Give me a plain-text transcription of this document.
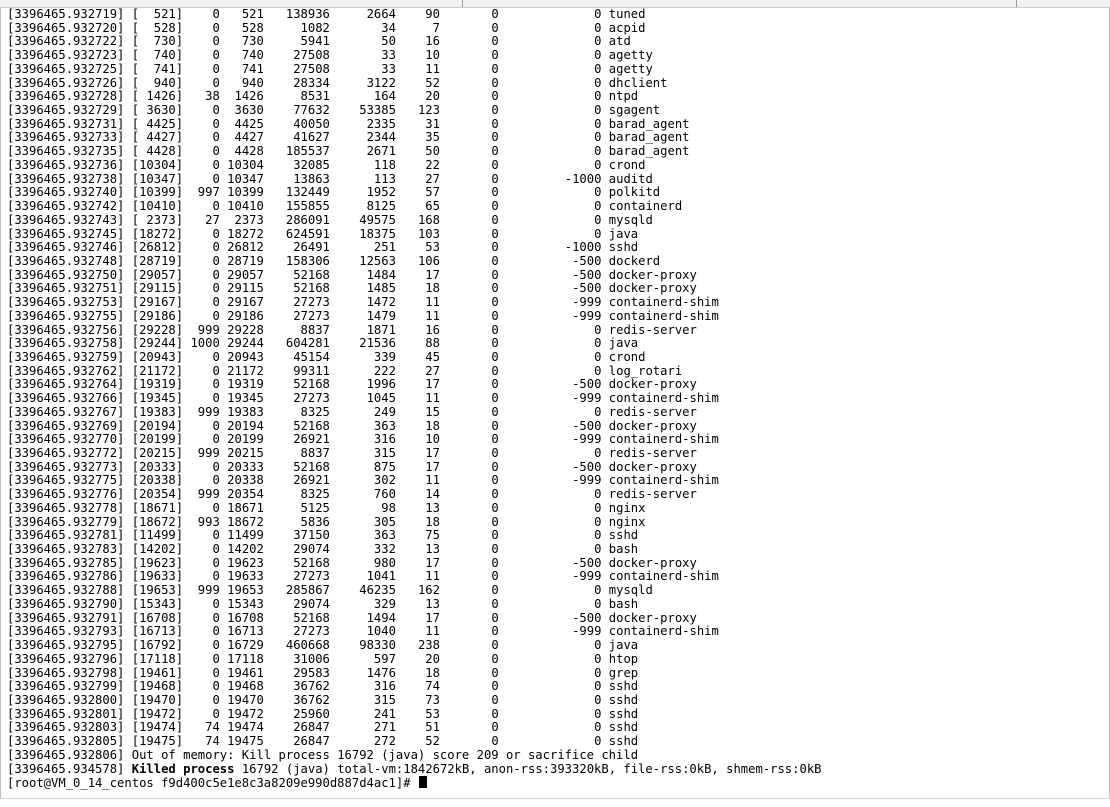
[3396465.932719] [  521]    0   521 138936     2664    90	0	0 tuned
[3396465.932720] [  528]    0   528     1082       34     7	0	0 acpid
[3396465.932722] [  730]    0   730     5941       50    16	0	0 atd
[3396465.932723] [  740]    0   740    27508       33    10	0	0 agetty
[3396465.932725] [  741]    0   741    27508       33    11	0	0 agetty
[3396465.932726] [  940]    0   940    28334     3122    52	0	0 dhclient
[3396465.932728] [ 1426]   38  1426     8531      164    20	0	0 ntpd
[3396465.932729] [ 3630]    0  3630    77632    53385 123	0	0 sgagent
[3396465.932731] [ 4425]    0  4425    40050     2335    31	0	0 barad_agent
[3396465.932733] [ 4427]    0  4427    41627     2344    35	0	0 barad_agent
[3396465.932735] [ 4428]    0  4428 185537     2671    50	0	0 barad_agent
[3396465.932736] [10304]    0 10304    32085      118    22	0	0 crond
[3396465.932738] [10347]    0 10347    13863      113    27	0	-1000 auditd
[3396465.932740] [10399]  997 10399 132449     1952    57	0	0 polkitd
[3396465.932742] [10410]    0 10410 155855     8125    65	0	0 containerd
[3396465.932743] [ 2373]   27  2373 286091    49575 168	0	0 mysqld
[3396465.932745] [18272]    0 18272 624591    18375 103	0	0 java
[3396465.932746] [26812]    0 26812    26491      251    53	0	-1000 sshd
[3396465.932748] [28719]    0 28719 158306    12563 106	0	-500 dockerd
[3396465.932750] [29057]    0 29057    52168     1484    17	0	-500 docker-proxy
[3396465.932751] [29115]    0 29115    52168     1485    18	0	-500 docker-proxy
[3396465.932753] [29167]    0 29167    27273     1472    11	0	-999 containerd-shim
[3396465.932755] [29186]    0 29186    27273     1479    11	0	-999 containerd-shim
[3396465.932756] [29228]  999 29228     8837     1871    16	0	0 redis-server
[3396465.932758] [29244] 1000 29244 604281    21536    88	0	0 java
[3396465.932759] [20943]    0 20943    45154      339    45	0	0 crond
[3396465.932762] [21172]    0 21172    99311      222    27	0	0 log_rotari
[3396465.932764] [19319]    0 19319    52168     1996    17	0	-500 docker-proxy
[3396465.932766] [19345]    0 19345    27273     1045    11	0	-999 containerd-shim
[3396465.932767] [19383]  999 19383     8325      249    15	0	0 redis-server
[3396465.932769] [20194]    0 20194    52168      363    18	0	-500 docker-proxy
[3396465.932770] [20199]    0 20199    26921      316    10	0	-999 containerd-shim
[3396465.932772] [20215]  999 20215     8837      315    17	0	0 redis-server
[3396465.932773] [20333]    0 20333    52168      875    17	0	-500 docker-proxy
[3396465.932775] [20338]    0 20338    26921      302    11	0	-999 containerd-shim
[3396465.932776] [20354]  999 20354     8325      760    14	0	0 redis-server
[3396465.932778] [18671]    0 18671     5125       98    13	0	0 nginx
[3396465.932779] [18672]  993 18672     5836      305    18	0	0 nginx
[3396465.932781] [11499]    0 11499    37150      363    75	0	0 sshd
[3396465.932783] [14202]    0 14202    29074      332    13	0	0 bash
[3396465.932785] [19623]    0 19623    52168      980    17	0	-500 docker-proxy
[3396465.932786] [19633]    0 19633    27273     1041    11	0	-999 containerd-shim
[3396465.932788] [19653]  999 19653 285867    46235 162	0	0 mysqld
[3396465.932790] [15343]    0 15343    29074      329    13	0	0 bash
[3396465.932791] [16708]    0 16708    52168     1494    17	0	-500 docker-proxy
[3396465.932793] [16713]    0 16713    27273     1040    11	0	-999 containerd-shim
[3396465.932795] [16792]    0 16729 460668    98330 238	0	0 java
[3396465.932796] [17118]    0 17118    31006      597    20	0	0 htop
[3396465.932798] [19461]    0 19461    29583     1476    18	0	0 grep
[3396465.932799] [19468]    0 19468    36762      316    74	0	0 sshd
[3396465.932800] [19470]    0 19470    36762      315    73	0	0 sshd
[3396465.932801] [19472]    0 19472    25960      241    53	0	0 sshd
[3396465.932803] [19474]   74 19474    26847      271    51	0	0 sshd
[3396465.932805] [19475]   74 19475    26847      272    52	0	0 sshd
[3396465.932806] Out of memory: Kill process 16792 (java) score 209 or sacrifice child
[3396465.934578] Killed process 16792 (java) total-vm:1842672kB, anon-rss:393320kB, file-rss:0kB, shmem-rss:0kB
[root@VM_0_14_centos f9d400c5e1e8c3a8209e990d887d4ac1]#
